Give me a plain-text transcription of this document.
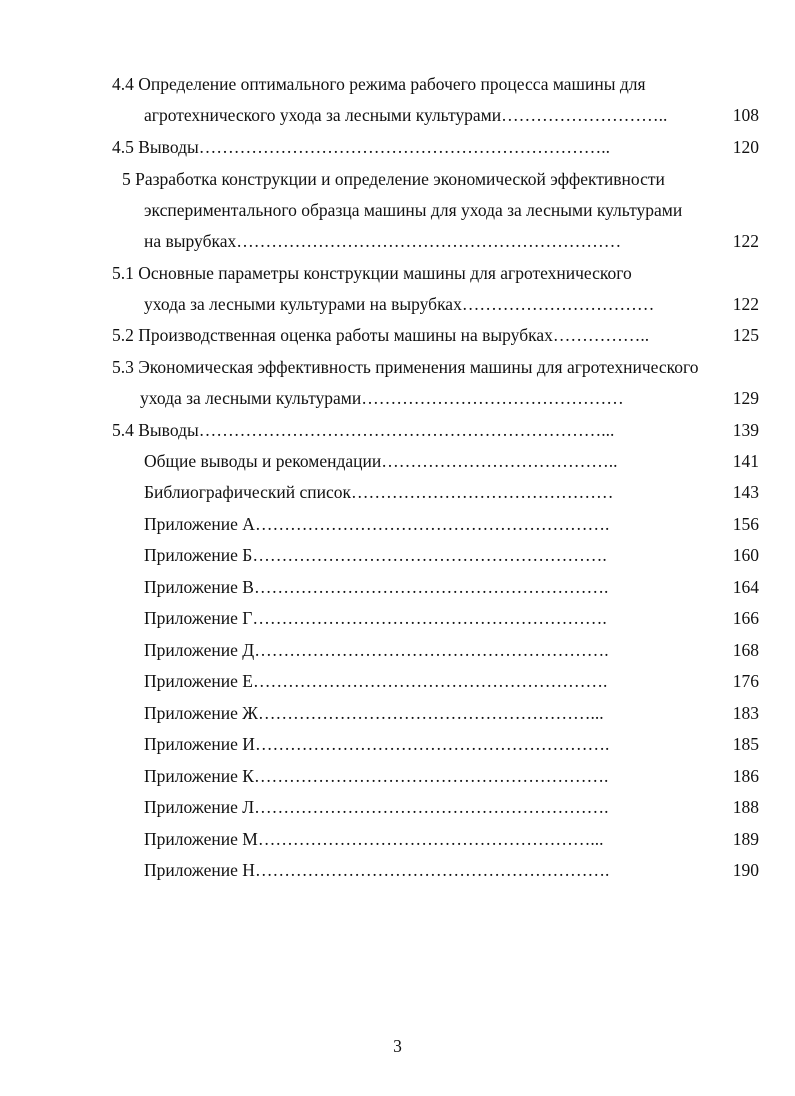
4.4 Определение оптимального режима рабочего процесса машины для
агротехнического ухода за лесными культурами………………………..	108
4.5 Выводы……………………………………………………………..	120
5 Разработка конструкции и определение экономической эффективности
экспериментального образца машины для ухода за лесными культурами
на вырубках…………………………………………………………	122
5.1 Основные параметры конструкции машины для агротехнического
ухода за лесными культурами на вырубках……………………………	122
5.2 Производственная оценка работы машины на вырубках……………..	125
5.3 Экономическая эффективность применения машины для агротехнического
ухода за лесными культурами………………………………………	129
5.4 Выводы……………………………………………………………...	139
Общие выводы и рекомендации…………………………………..	141
Библиографический список………………………………………	143
Приложение А…………………………………………………….	156
Приложение Б…………………………………………………….	160
Приложение В…………………………………………………….	164
Приложение Г…………………………………………………….	166
Приложение Д…………………………………………………….	168
Приложение Е…………………………………………………….	176
Приложение Ж…………………………………………………...	183
Приложение И…………………………………………………….	185
Приложение К…………………………………………………….	186
Приложение Л…………………………………………………….	188
Приложение М…………………………………………………...	189
Приложение Н…………………………………………………….	190
3
